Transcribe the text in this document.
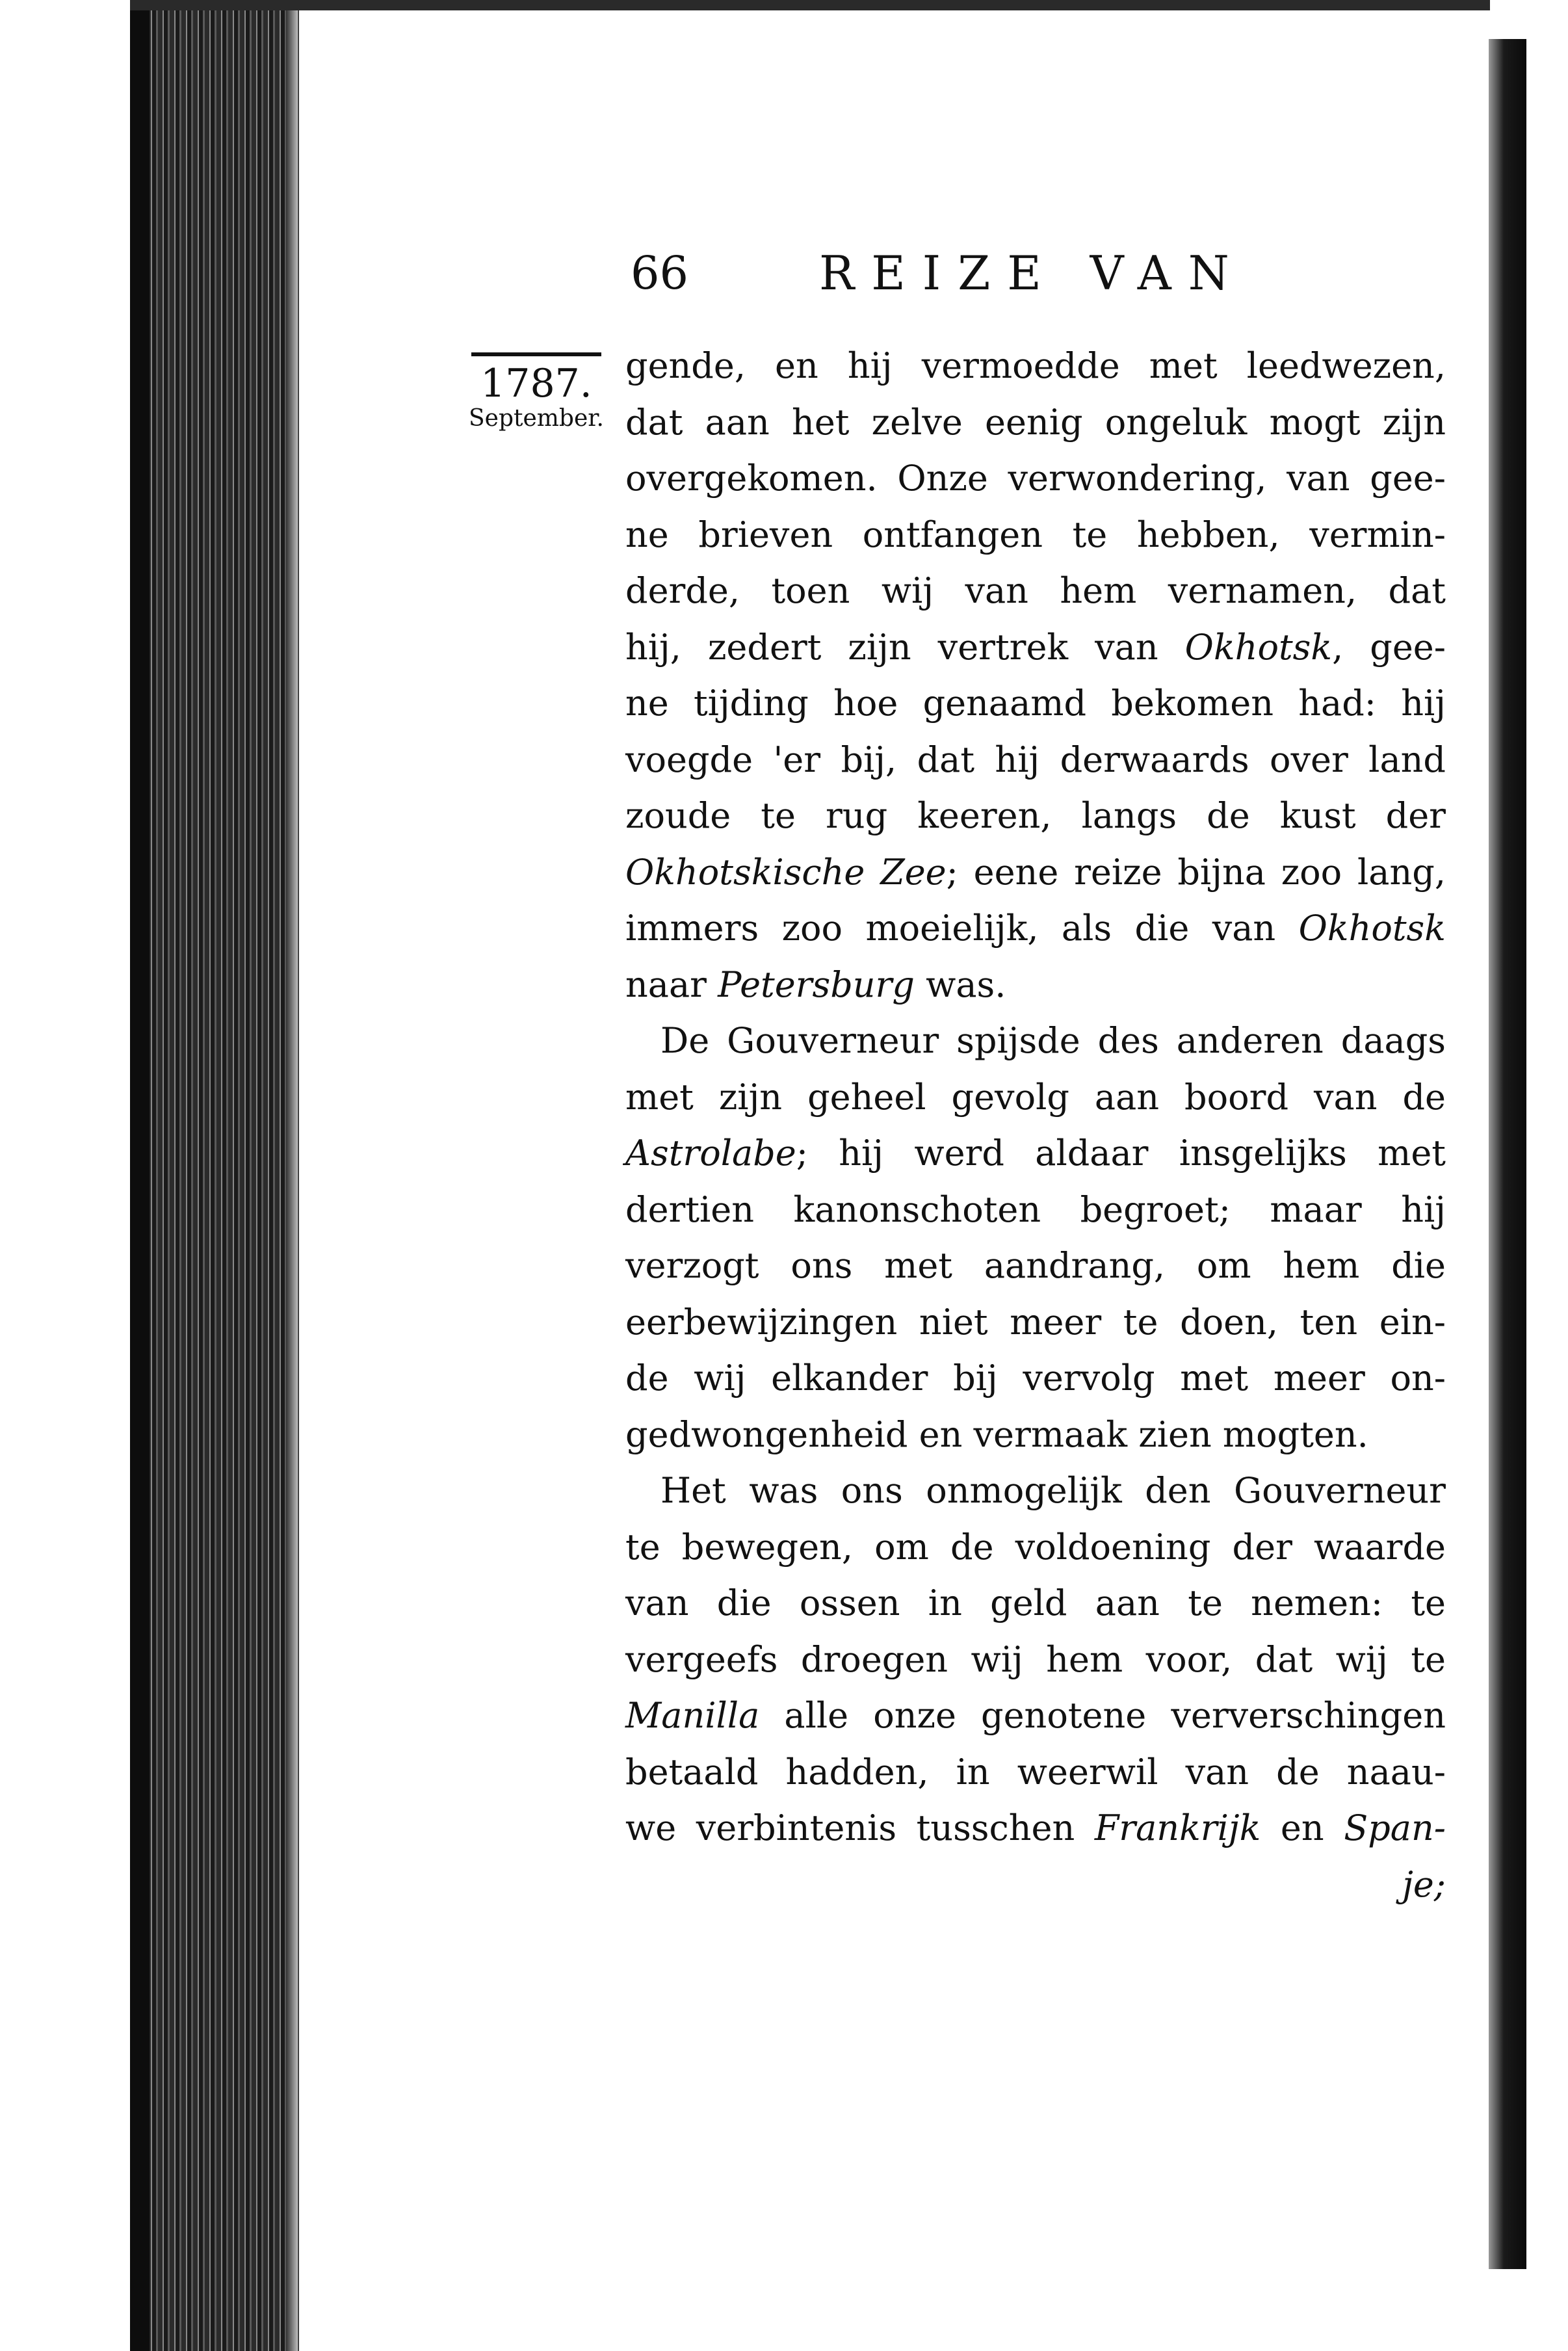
66	REIZE VAN
1787.
September.
gende, en hij vermoedde met leedwezen,
dat aan het zelve eenig ongeluk mogt zijn
overgekomen. Onze verwondering, van gee-
ne brieven ontfangen te hebben, vermin-
derde, toen wij van hem vernamen, dat
hij, zedert zijn vertrek van Okhotsk, gee-
ne tijding hoe genaamd bekomen had: hij
voegde 'er bij, dat hij derwaards over land
zoude te rug keeren, langs de kust der
Okhotskische Zee; eene reize bijna zoo lang,
immers zoo moeielijk, als die van Okhotsk
naar Petersburg was.
 De Gouverneur spijsde des anderen daags
met zijn geheel gevolg aan boord van de
Astrolabe; hij werd aldaar insgelijks met
dertien kanonschoten begroet; maar hij
verzogt ons met aandrang, om hem die
eerbewijzingen niet meer te doen, ten ein-
de wij elkander bij vervolg met meer on-
gedwongenheid en vermaak zien mogten.
 Het was ons onmogelijk den Gouverneur
te bewegen, om de voldoening der waarde
van die ossen in geld aan te nemen: te
vergeefs droegen wij hem voor, dat wij te
Manilla alle onze genotene ververschingen
betaald hadden, in weerwil van de naau-
we verbintenis tusschen Frankrijk en Span-
je;
